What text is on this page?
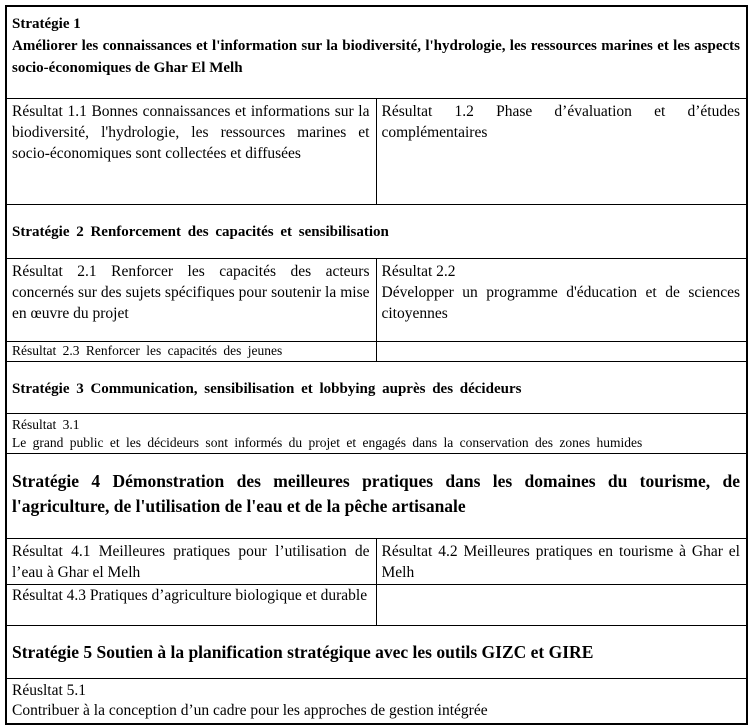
Stratégie 1
Améliorer les connaissances et l'information sur la biodiversité, l'hydrologie, les ressources marines et les aspects socio-économiques de Ghar El Melh
Résultat 1.1 Bonnes connaissances et informations sur la biodiversité, l'hydrologie, les ressources marines et socio-économiques sont collectées et diffusées
Résultat 1.2 Phase d’évaluation et d’études complémentaires
Stratégie 2 Renforcement des capacités et sensibilisation
Résultat 2.1 Renforcer les capacités des acteurs concernés sur des sujets spécifiques pour soutenir la mise en œuvre du projet
Résultat 2.2
Développer un programme d'éducation et de sciences citoyennes
Résultat 2.3 Renforcer les capacités des jeunes
Stratégie 3 Communication, sensibilisation et lobbying auprès des décideurs
Résultat 3.1
Le grand public et les décideurs sont informés du projet et engagés dans la conservation des zones humides
Stratégie 4 Démonstration des meilleures pratiques dans les domaines du tourisme, de l'agriculture, de l'utilisation de l'eau et de la pêche artisanale
Résultat 4.1 Meilleures pratiques pour l’utilisation de l’eau à Ghar el Melh
Résultat 4.2 Meilleures pratiques en tourisme à Ghar el Melh
Résultat 4.3 Pratiques d’agriculture biologique et durable
Stratégie 5 Soutien à la planification stratégique avec les outils GIZC et GIRE
Réusltat 5.1
Contribuer à la conception d’un cadre pour les approches de gestion intégrée
